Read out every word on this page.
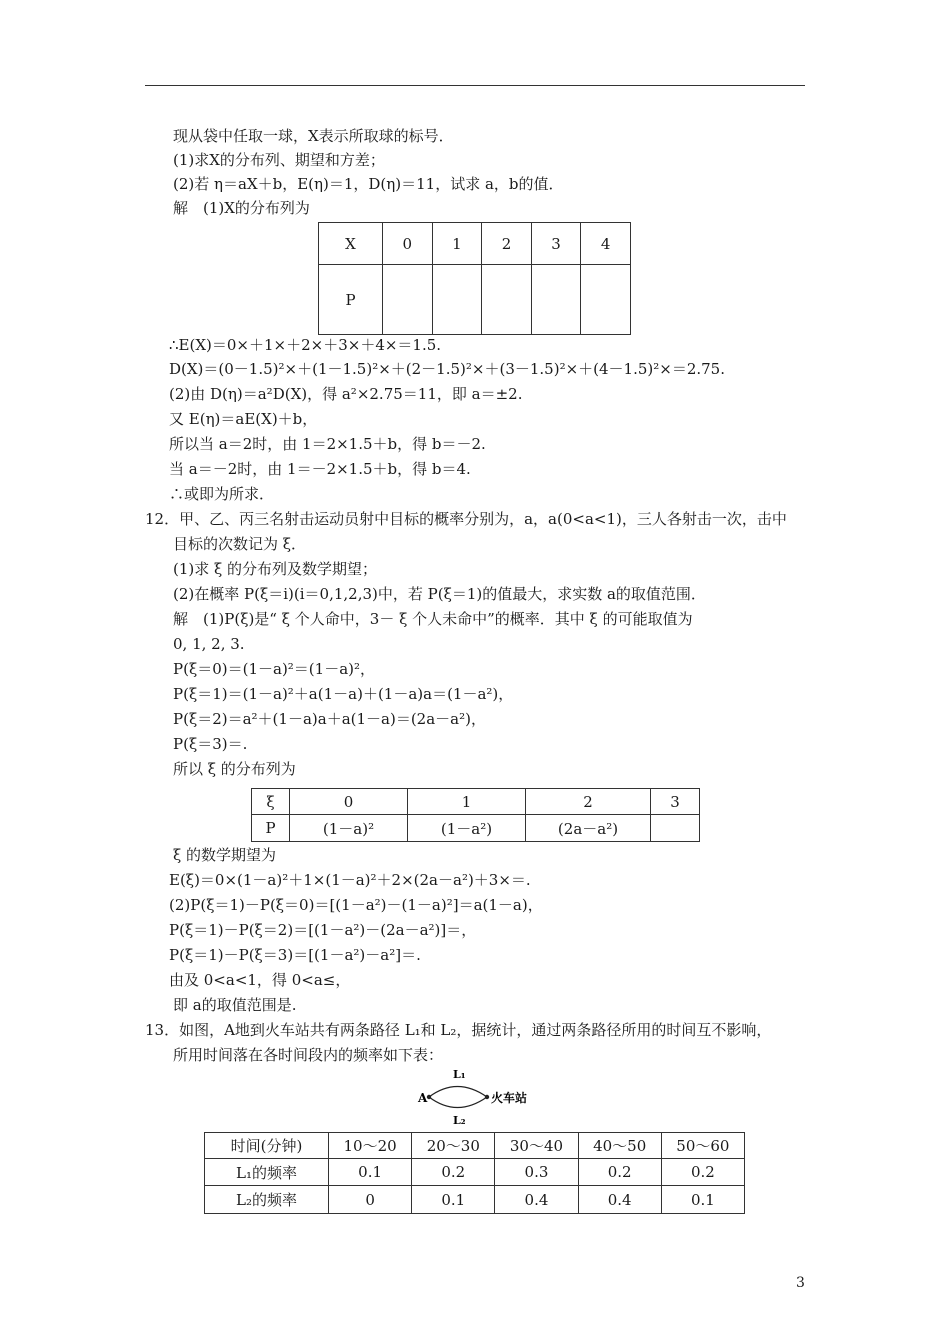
现从袋中任取一球，X表示所取球的标号．
(1)求X的分布列、期望和方差；
(2)若 η＝aX＋b，E(η)＝1，D(η)＝11，试求 a，b的值．
解　(1)X的分布列为
X	0	1	2	3	4
P					
∴E(X)＝0×＋1×＋2×＋3×＋4×＝1.5.
D(X)＝(0－1.5)²×＋(1－1.5)²×＋(2－1.5)²×＋(3－1.5)²×＋(4－1.5)²×＝2.75.
(2)由 D(η)＝a²D(X)，得 a²×2.75＝11，即 a＝±2.
又 E(η)＝aE(X)＋b，
所以当 a＝2时，由 1＝2×1.5＋b，得 b＝－2.
当 a＝－2时，由 1＝－2×1.5＋b，得 b＝4.
∴或即为所求．
12．甲、乙、丙三名射击运动员射中目标的概率分别为，a，a(0<a<1)，三人各射击一次，击中
目标的次数记为 ξ．
(1)求 ξ 的分布列及数学期望；
(2)在概率 P(ξ＝i)(i＝0,1,2,3)中，若 P(ξ＝1)的值最大，求实数 a的取值范围．
解　(1)P(ξ)是“ ξ 个人命中，3－ ξ 个人未命中”的概率．其中 ξ 的可能取值为
0, 1, 2, 3.
P(ξ＝0)＝(1－a)²＝(1－a)²，
P(ξ＝1)＝(1－a)²＋a(1－a)＋(1－a)a＝(1－a²)，
P(ξ＝2)＝a²＋(1－a)a＋a(1－a)＝(2a－a²)，
P(ξ＝3)＝.
所以 ξ 的分布列为
ξ	0	1	2	3
P	(1－a)²	(1－a²)	(2a－a²)	
ξ 的数学期望为
E(ξ)＝0×(1－a)²＋1×(1－a)²＋2×(2a－a²)＋3×＝.
(2)P(ξ＝1)－P(ξ＝0)＝[(1－a²)－(1－a)²]＝a(1－a)，
P(ξ＝1)－P(ξ＝2)＝[(1－a²)－(2a－a²)]＝，
P(ξ＝1)－P(ξ＝3)＝[(1－a²)－a²]＝.
由及 0<a<1，得 0<a≤，
即 a的取值范围是.
13．如图，A地到火车站共有两条路径 L₁和 L₂，据统计，通过两条路径所用的时间互不影响，
所用时间落在各时间段内的频率如下表：
A
L₁
L₂
火车站
时间(分钟)	10～20	20～30	30～40	40～50	50～60
L₁的频率	0.1	0.2	0.3	0.2	0.2
L₂的频率	0	0.1	0.4	0.4	0.1
3
